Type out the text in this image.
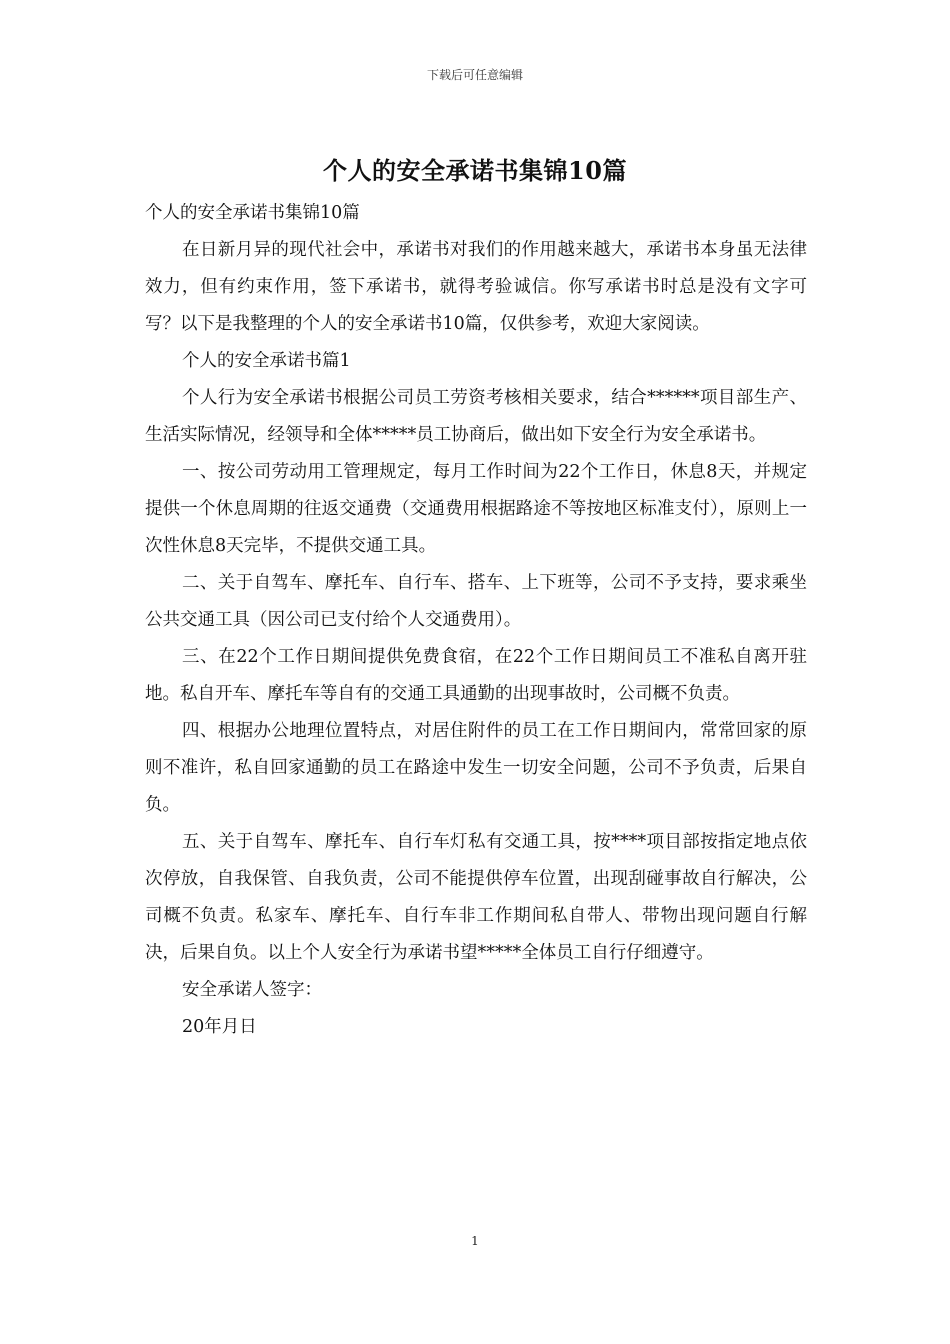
下载后可任意编辑
个人的安全承诺书集锦10篇

个人的安全承诺书集锦10篇

在日新月异的现代社会中，承诺书对我们的作用越来越大，承诺书本身虽无法律效力，但有约束作用，签下承诺书，就得考验诚信。你写承诺书时总是没有文字可写？以下是我整理的个人的安全承诺书10篇，仅供参考，欢迎大家阅读。

个人的安全承诺书篇1

个人行为安全承诺书根据公司员工劳资考核相关要求，结合******项目部生产、生活实际情况，经领导和全体*****员工协商后，做出如下安全行为安全承诺书。

一、按公司劳动用工管理规定，每月工作时间为22个工作日，休息8天，并规定提供一个休息周期的往返交通费（交通费用根据路途不等按地区标准支付），原则上一次性休息8天完毕，不提供交通工具。

二、关于自驾车、摩托车、自行车、搭车、上下班等，公司不予支持，要求乘坐公共交通工具（因公司已支付给个人交通费用）。

三、在22个工作日期间提供免费食宿，在22个工作日期间员工不准私自离开驻地。私自开车、摩托车等自有的交通工具通勤的出现事故时，公司概不负责。

四、根据办公地理位置特点，对居住附件的员工在工作日期间内，常常回家的原则不准许，私自回家通勤的员工在路途中发生一切安全问题，公司不予负责，后果自负。

五、关于自驾车、摩托车、自行车灯私有交通工具，按****项目部按指定地点依次停放，自我保管、自我负责，公司不能提供停车位置，出现刮碰事故自行解决，公司概不负责。私家车、摩托车、自行车非工作期间私自带人、带物出现问题自行解决，后果自负。以上个人安全行为承诺书望*****全体员工自行仔细遵守。

安全承诺人签字：

20年月日

1
